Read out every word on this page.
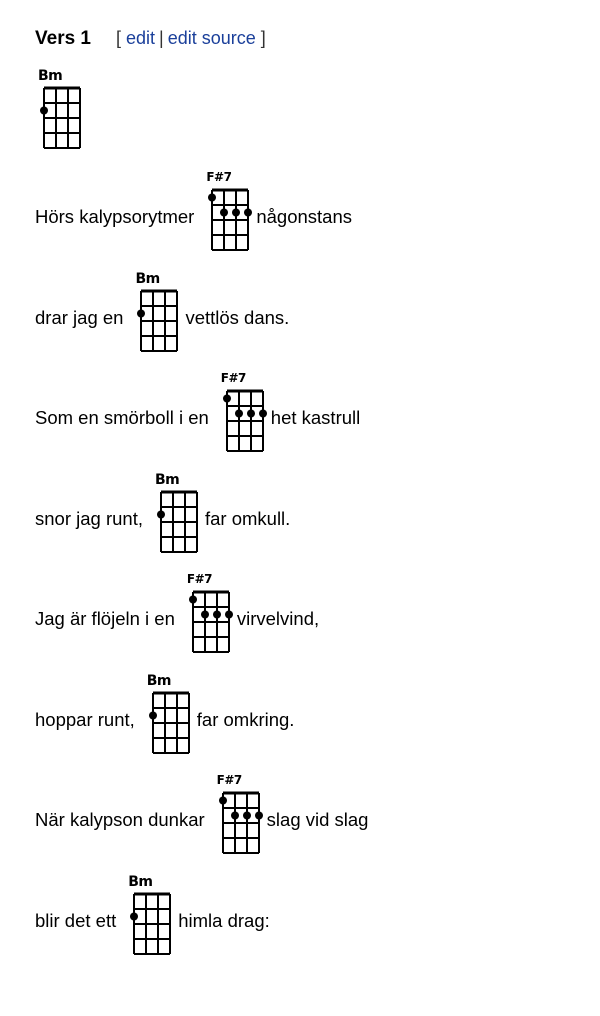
Vers 1 [ edit | edit source ]
Bm
Hörs kalypsorytmer	någonstans
F#7
drar jag en	vettlös dans.
Bm
Som en smörboll i en	het kastrull
F#7
snor jag runt,	far omkull.
Bm
Jag är flöjeln i en	virvelvind,
F#7
hoppar runt,	far omkring.
Bm
När kalypson dunkar	slag vid slag
F#7
blir det ett	himla drag:
Bm
